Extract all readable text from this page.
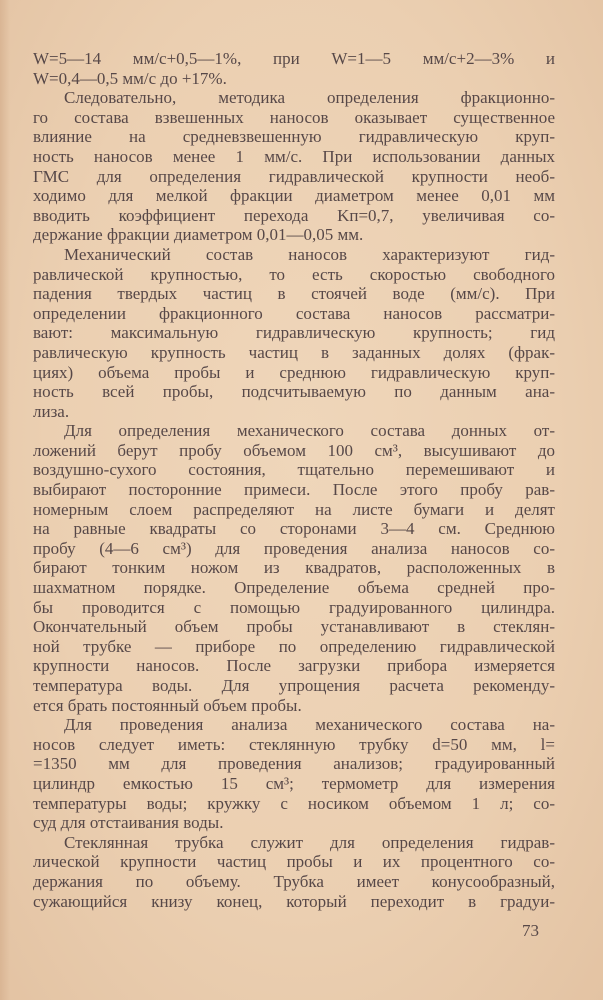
W=5—14 мм/с+0,5—1%, при W=1—5 мм/с+2—3% и
W=0,4—0,5 мм/с до +17%.
Следовательно, методика определения фракционно-
го состава взвешенных наносов оказывает существенное
влияние на средневзвешенную гидравлическую круп-
ность наносов менее 1 мм/с. При использовании данных
ГМС для определения гидравлической крупности необ-
ходимо для мелкой фракции диаметром менее 0,01 мм
вводить коэффициент перехода Kп=0,7, увеличивая со-
держание фракции диаметром 0,01—0,05 мм.
Механический состав наносов характеризуют гид-
равлической крупностью, то есть скоростью свободного
падения твердых частиц в стоячей воде (мм/с). При
определении фракционного состава наносов рассматри-
вают: максимальную гидравлическую крупность; гид
равлическую крупность частиц в заданных долях (фрак-
циях) объема пробы и среднюю гидравлическую круп-
ность всей пробы, подсчитываемую по данным ана-
лиза.
Для определения механического состава донных от-
ложений берут пробу объемом 100 см³, высушивают до
воздушно-сухого состояния, тщательно перемешивают и
выбирают посторонние примеси. После этого пробу рав-
номерным слоем распределяют на листе бумаги и делят
на равные квадраты со сторонами 3—4 см. Среднюю
пробу (4—6 см³) для проведения анализа наносов со-
бирают тонким ножом из квадратов, расположенных в
шахматном порядке. Определение объема средней про-
бы проводится с помощью градуированного цилиндра.
Окончательный объем пробы устанавливают в стеклян-
ной трубке — приборе по определению гидравлической
крупности наносов. После загрузки прибора измеряется
температура воды. Для упрощения расчета рекоменду-
ется брать постоянный объем пробы.
Для проведения анализа механического состава на-
носов следует иметь: стеклянную трубку d=50 мм, l=
=1350 мм для проведения анализов; градуированный
цилиндр емкостью 15 см³; термометр для измерения
температуры воды; кружку с носиком объемом 1 л; со-
суд для отстаивания воды.
Стеклянная трубка служит для определения гидрав-
лической крупности частиц пробы и их процентного со-
держания по объему. Трубка имеет конусообразный,
сужающийся книзу конец, который переходит в градуи-
73
